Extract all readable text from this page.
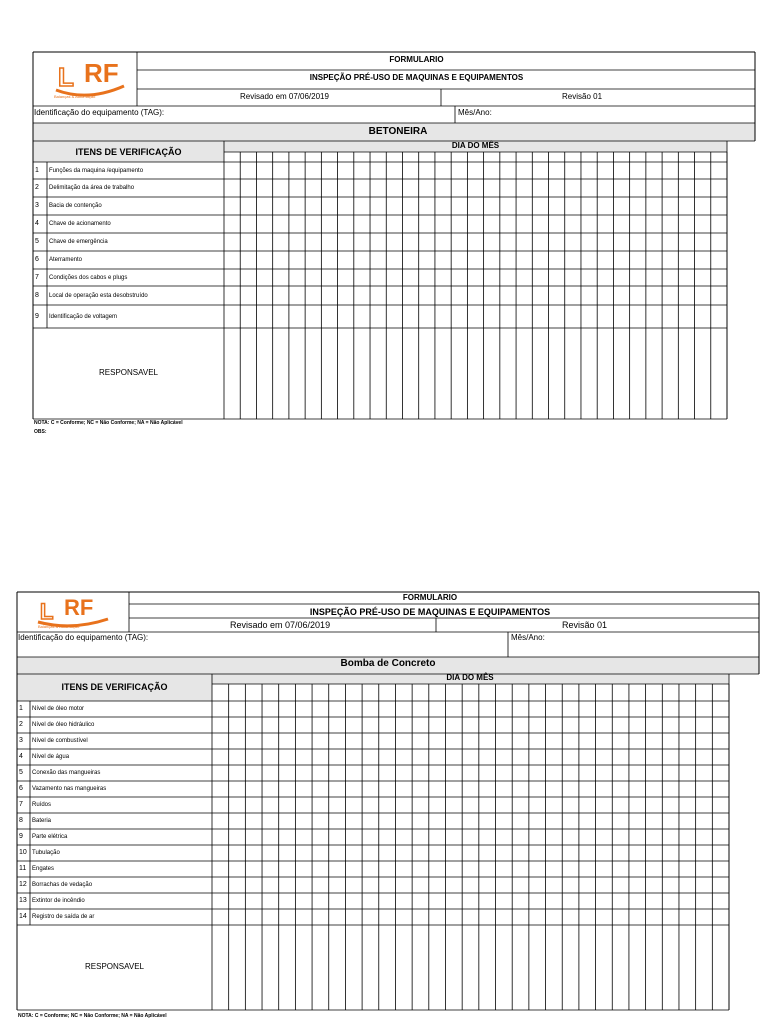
L RF
Balanças & Automação
FORMULARIO
INSPEÇÃO PRÉ-USO DE MAQUINAS E EQUIPAMENTOS
Revisado em 07/06/2019	Revisão 01
Identificação do equipamento (TAG):	Mês/Ano:
BETONEIRA
ITENS DE VERIFICAÇÃO
DIA DO MÊS
1 Funções da maquina /equipamento
2 Delimitação da área de trabalho
3 Bacia de contenção
4 Chave de acionamento
5 Chave de emergência
6 Aterramento
7 Condições dos cabos e plugs
8 Local de operação esta desobstruído
9 Identificação de voltagem
RESPONSAVEL
NOTA: C = Conforme; NC = Não Conforme; NA = Não Aplicável
OBS:
L RF
Balanças & Automação
FORMULARIO
INSPEÇÃO PRÉ-USO DE MAQUINAS E EQUIPAMENTOS
Revisado em 07/06/2019	Revisão 01
Identificação do equipamento (TAG):	Mês/Ano:
Bomba de Concreto
ITENS DE VERIFICAÇÃO
DIA DO MÊS
1 Nível de óleo motor
2 Nível de óleo hidráulico
3 Nível de combustível
4 Nível de água
5 Conexão das mangueiras
6 Vazamento nas mangueiras
7 Ruídos
8 Bateria
9 Parte elétrica
10 Tubulação
11 Engates
12 Borrachas de vedação
13 Extintor de incêndio
14 Registro de saída de ar
RESPONSAVEL
NOTA: C = Conforme; NC = Não Conforme; NA = Não Aplicável
